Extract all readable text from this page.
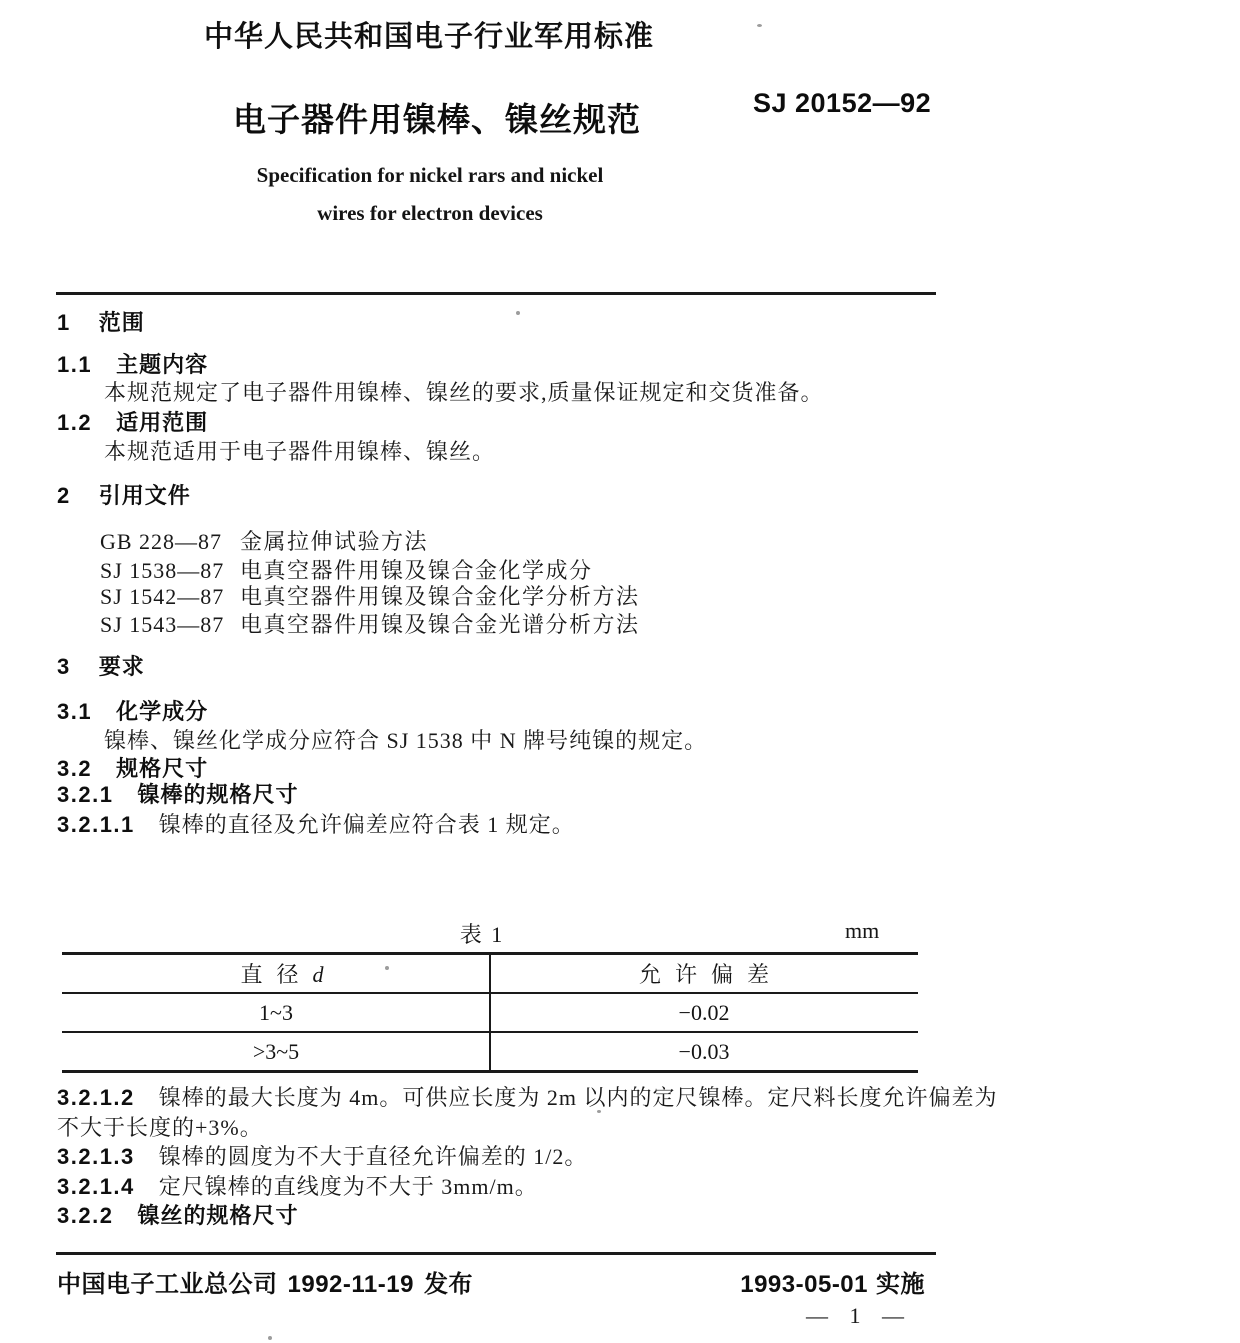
中华人民共和国电子行业军用标准
电子器件用镍棒、镍丝规范	SJ 20152—92
Specification for nickel rars and nickel
wires for electron devices
1 范围
1.1 主题内容
本规范规定了电子器件用镍棒、镍丝的要求,质量保证规定和交货准备。
1.2 适用范围
本规范适用于电子器件用镍棒、镍丝。
2 引用文件
GB 228—87 金属拉伸试验方法
SJ 1538—87 电真空器件用镍及镍合金化学成分
SJ 1542—87 电真空器件用镍及镍合金化学分析方法
SJ 1543—87 电真空器件用镍及镍合金光谱分析方法
3 要求
3.1 化学成分
镍棒、镍丝化学成分应符合 SJ 1538 中 N 牌号纯镍的规定。
3.2 规格尺寸
3.2.1 镍棒的规格尺寸
3.2.1.1 镍棒的直径及允许偏差应符合表 1 规定。
表 1	mm
直径d	允许偏差
1~3	−0.02
>3~5	−0.03
3.2.1.2 镍棒的最大长度为 4m。可供应长度为 2m 以内的定尺镍棒。定尺料长度允许偏差为
不大于长度的+3%。
3.2.1.3 镍棒的圆度为不大于直径允许偏差的 1/2。
3.2.1.4 定尺镍棒的直线度为不大于 3mm/m。
3.2.2 镍丝的规格尺寸
中国电子工业总公司 1992-11-19 发布	1993-05-01 实施
— 1 —
